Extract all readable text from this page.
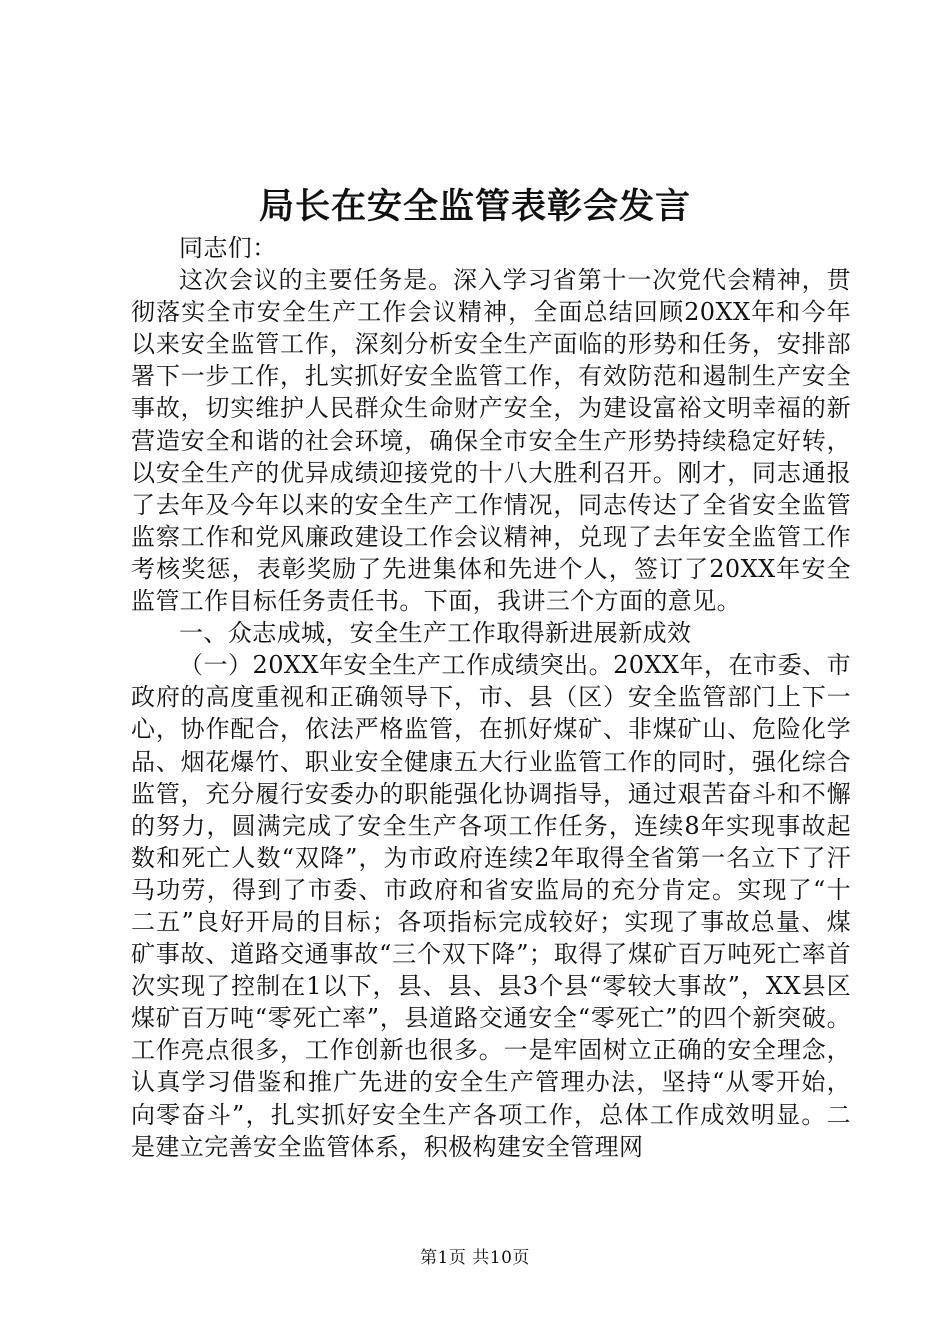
局长在安全监管表彰会发言

同志们：

这次会议的主要任务是。深入学习省第十一次党代会精神，贯彻落实全市安全生产工作会议精神，全面总结回顾20XX年和今年以来安全监管工作，深刻分析安全生产面临的形势和任务，安排部署下一步工作，扎实抓好安全监管工作，有效防范和遏制生产安全事故，切实维护人民群众生命财产安全，为建设富裕文明幸福的新营造安全和谐的社会环境，确保全市安全生产形势持续稳定好转，以安全生产的优异成绩迎接党的十八大胜利召开。刚才，同志通报了去年及今年以来的安全生产工作情况，同志传达了全省安全监管监察工作和党风廉政建设工作会议精神，兑现了去年安全监管工作考核奖惩，表彰奖励了先进集体和先进个人，签订了20XX年安全监管工作目标任务责任书。下面，我讲三个方面的意见。

一、众志成城，安全生产工作取得新进展新成效

（一）20XX年安全生产工作成绩突出。20XX年，在市委、市政府的高度重视和正确领导下，市、县（区）安全监管部门上下一心，协作配合，依法严格监管，在抓好煤矿、非煤矿山、危险化学品、烟花爆竹、职业安全健康五大行业监管工作的同时，强化综合监管，充分履行安委办的职能强化协调指导，通过艰苦奋斗和不懈的努力，圆满完成了安全生产各项工作任务，连续8年实现事故起数和死亡人数“双降”，为市政府连续2年取得全省第一名立下了汗马功劳，得到了市委、市政府和省安监局的充分肯定。实现了“十二五”良好开局的目标；各项指标完成较好；实现了事故总量、煤矿事故、道路交通事故“三个双下降”；取得了煤矿百万吨死亡率首次实现了控制在1以下，县、县、县3个县“零较大事故”，XX县区煤矿百万吨“零死亡率”，县道路交通安全“零死亡”的四个新突破。工作亮点很多，工作创新也很多。一是牢固树立正确的安全理念，认真学习借鉴和推广先进的安全生产管理办法，坚持“从零开始，向零奋斗”，扎实抓好安全生产各项工作，总体工作成效明显。二是建立完善安全监管体系，积极构建安全管理网

第1页 共10页
